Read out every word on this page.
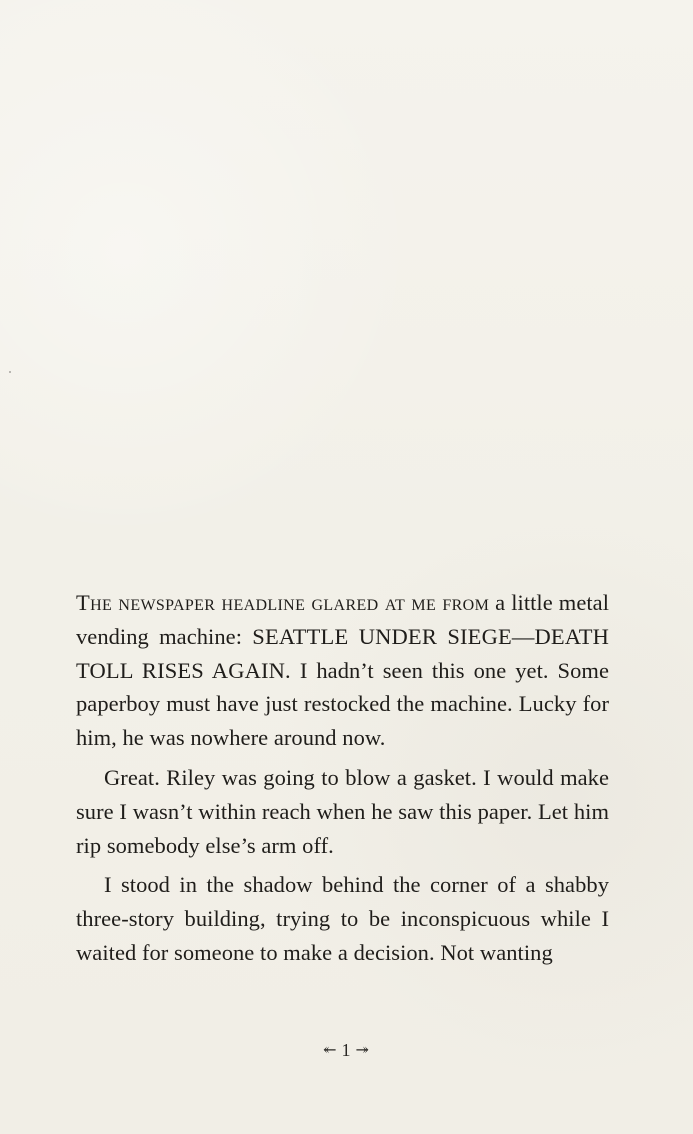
The newspaper headline glared at me from a little metal vending machine: SEATTLE UNDER SIEGE—DEATH TOLL RISES AGAIN. I hadn’t seen this one yet. Some paperboy must have just restocked the machine. Lucky for him, he was nowhere around now.

Great. Riley was going to blow a gasket. I would make sure I wasn’t within reach when he saw this paper. Let him rip somebody else’s arm off.

I stood in the shadow behind the corner of a shabby three-story building, trying to be inconspicuous while I waited for someone to make a decision. Not wanting

↞ 1 ↠
